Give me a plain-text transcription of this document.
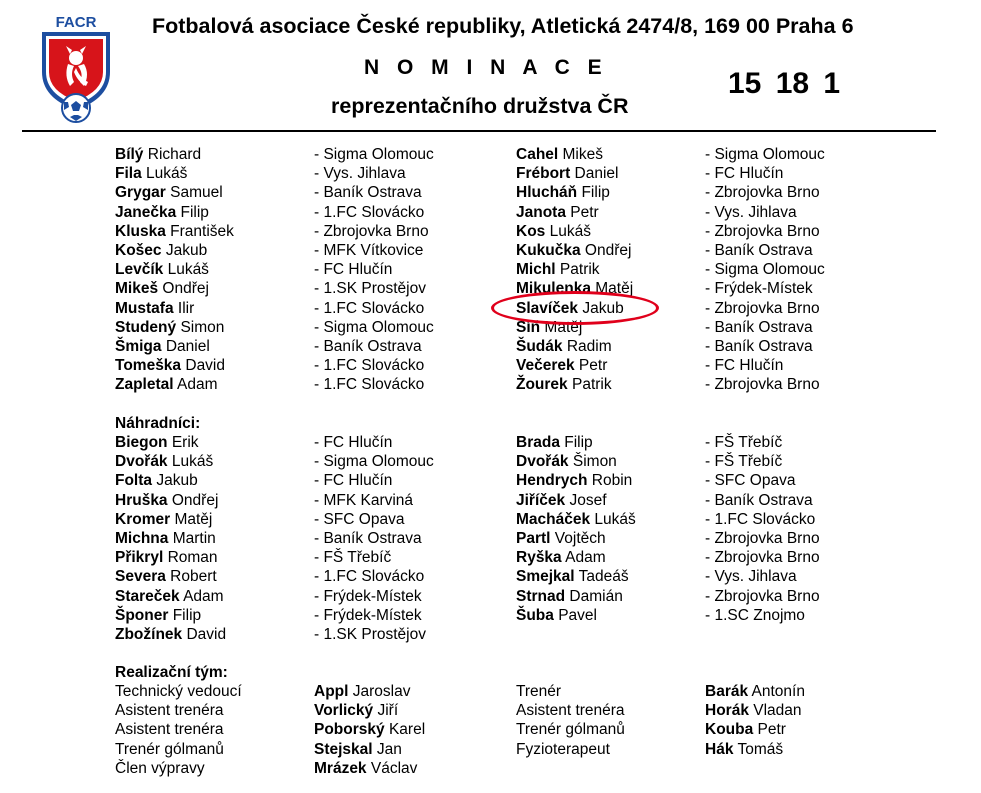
FACR	Fotbalová asociace České republiky, Atletická 2474/8, 169 00 Praha 6
N O M I N A C E
reprezentačního družstva ČR
15 18 1
Bílý Richard	- Sigma Olomouc	Cahel Mikeš	- Sigma Olomouc
Fila Lukáš	- Vys. Jihlava	Frébort Daniel	- FC Hlučín
Grygar Samuel	- Baník Ostrava	Hlucháň Filip	- Zbrojovka Brno
Janečka Filip	- 1.FC Slovácko	Janota Petr	- Vys. Jihlava
Kluska František	- Zbrojovka Brno	Kos Lukáš	- Zbrojovka Brno
Košec Jakub	- MFK Vítkovice	Kukučka Ondřej	- Baník Ostrava
Levčík Lukáš	- FC Hlučín	Michl Patrik	- Sigma Olomouc
Mikeš Ondřej	- 1.SK Prostějov	Mikulenka Matěj	- Frýdek-Místek
Mustafa Ilir	- 1.FC Slovácko	Slavíček Jakub	- Zbrojovka Brno
Studený Simon	- Sigma Olomouc	Síň Matěj	- Baník Ostrava
Šmiga Daniel	- Baník Ostrava	Šudák Radim	- Baník Ostrava
Tomeška David	- 1.FC Slovácko	Večerek Petr	- FC Hlučín
Zapletal Adam	- 1.FC Slovácko	Žourek Patrik	- Zbrojovka Brno
Náhradníci:
Biegon Erik	- FC Hlučín	Brada Filip	- FŠ Třebíč
Dvořák Lukáš	- Sigma Olomouc	Dvořák Šimon	- FŠ Třebíč
Folta Jakub	- FC Hlučín	Hendrych Robin	- SFC Opava
Hruška Ondřej	- MFK Karviná	Jiříček Josef	- Baník Ostrava
Kromer Matěj	- SFC Opava	Macháček Lukáš	- 1.FC Slovácko
Michna Martin	- Baník Ostrava	Partl Vojtěch	- Zbrojovka Brno
Přikryl Roman	- FŠ Třebíč	Ryška Adam	- Zbrojovka Brno
Severa Robert	- 1.FC Slovácko	Smejkal Tadeáš	- Vys. Jihlava
Stareček Adam	- Frýdek-Místek	Strnad Damián	- Zbrojovka Brno
Šponer Filip	- Frýdek-Místek	Šuba Pavel	- 1.SC Znojmo
Zbožínek David	- 1.SK Prostějov
Realizační tým:
Technický vedoucí	Appl Jaroslav	Trenér	Barák Antonín
Asistent trenéra	Vorlický Jiří	Asistent trenéra	Horák Vladan
Asistent trenéra	Poborský Karel	Trenér gólmanů	Kouba Petr
Trenér gólmanů	Stejskal Jan	Fyzioterapeut	Hák Tomáš
Člen výpravy	Mrázek Václav
